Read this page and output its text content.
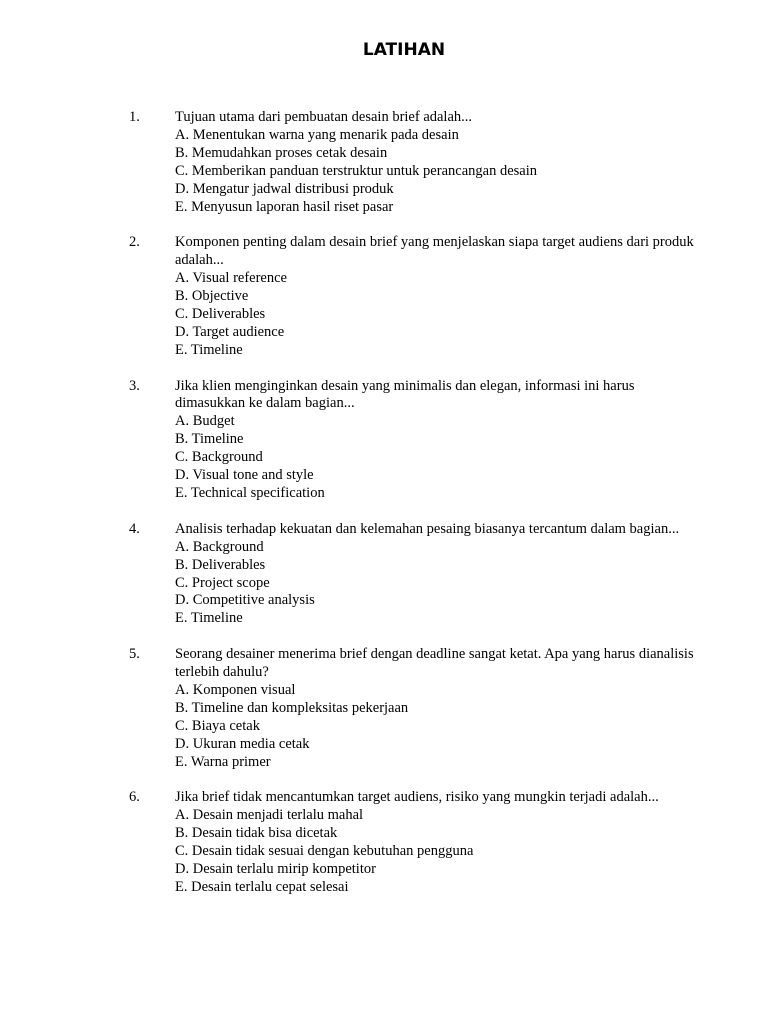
LATIHAN
1. Tujuan utama dari pembuatan desain brief adalah...
A. Menentukan warna yang menarik pada desain
B. Memudahkan proses cetak desain
C. Memberikan panduan terstruktur untuk perancangan desain
D. Mengatur jadwal distribusi produk
E. Menyusun laporan hasil riset pasar
2. Komponen penting dalam desain brief yang menjelaskan siapa target audiens dari produk adalah...
A. Visual reference
B. Objective
C. Deliverables
D. Target audience
E. Timeline
3. Jika klien menginginkan desain yang minimalis dan elegan, informasi ini harus dimasukkan ke dalam bagian...
A. Budget
B. Timeline
C. Background
D. Visual tone and style
E. Technical specification
4. Analisis terhadap kekuatan dan kelemahan pesaing biasanya tercantum dalam bagian...
A. Background
B. Deliverables
C. Project scope
D. Competitive analysis
E. Timeline
5. Seorang desainer menerima brief dengan deadline sangat ketat. Apa yang harus dianalisis terlebih dahulu?
A. Komponen visual
B. Timeline dan kompleksitas pekerjaan
C. Biaya cetak
D. Ukuran media cetak
E. Warna primer
6. Jika brief tidak mencantumkan target audiens, risiko yang mungkin terjadi adalah...
A. Desain menjadi terlalu mahal
B. Desain tidak bisa dicetak
C. Desain tidak sesuai dengan kebutuhan pengguna
D. Desain terlalu mirip kompetitor
E. Desain terlalu cepat selesai
